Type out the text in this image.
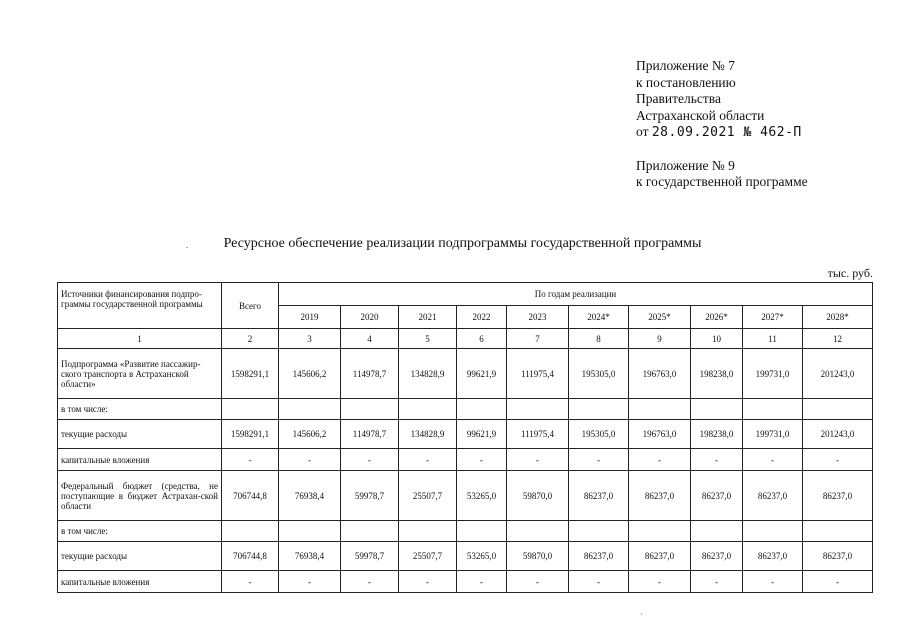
Приложение № 7
к постановлению
Правительства
Астраханской области
от 28.09.2021 № 462-П
Приложение № 9
к государственной программе
Ресурсное обеспечение реализации подпрограммы государственной программы
тыс. руб.
.
`
Источники финансирования подпро-граммы государственной программы	Всего	По годам реализации									
		2019	2020	2021	2022	2023	2024*	2025*	2026*	2027*	2028*
1	2	3	4	5	6	7	8	9	10	11	12
Подпрограмма «Развитие пассажир-ского транспорта в Астраханской области»	1598291,1	145606,2	114978,7	134828,9	99621,9	111975,4	195305,0	196763,0	198238,0	199731,0	201243,0
в том числе:											
текущие расходы	1598291,1	145606,2	114978,7	134828,9	99621,9	111975,4	195305,0	196763,0	198238,0	199731,0	201243,0
капитальные вложения	-	-	-	-	-	-	-	-	-	-	-
Федеральный бюджет (средства, не поступающие в бюджет Астрахан-ской области	706744,8	76938,4	59978,7	25507,7	53265,0	59870,0	86237,0	86237,0	86237,0	86237,0	86237,0
в том числе:											
текущие расходы	706744,8	76938,4	59978,7	25507,7	53265,0	59870,0	86237,0	86237,0	86237,0	86237,0	86237,0
капитальные вложения	-	-	-	-	-	-	-	-	-	-	-
